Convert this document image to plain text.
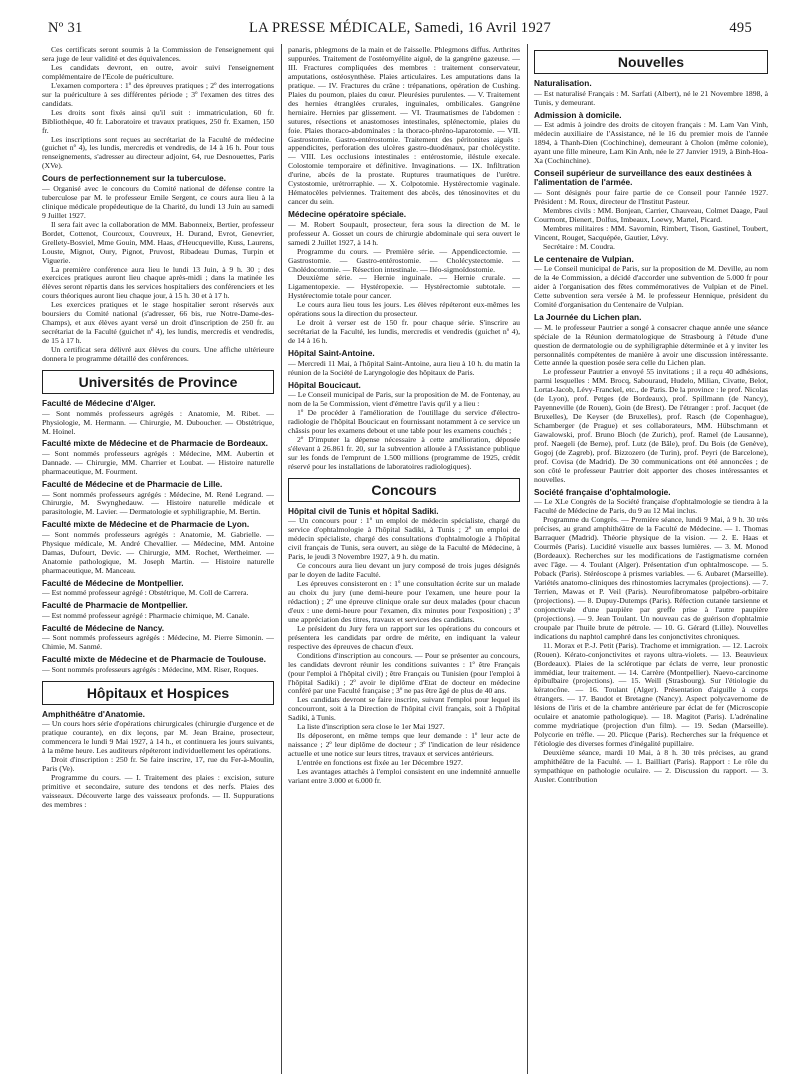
Nº 31	LA PRESSE MÉDICALE, Samedi, 16 Avril 1927	495

Ces certificats seront soumis à la Commission de l'enseignement qui sera juge de leur validité et des équivalences.

Les candidats devront, en outre, avoir suivi l'enseignement complémentaire de l'Ecole de puériculture.

L'examen comportera : 1º des épreuves pratiques ; 2º des interrogations sur la puériculture à ses différentes période ; 3º l'examen des titres des candidats.

Les droits sont fixés ainsi qu'il suit : immatriculation, 60 fr. Bibliothèque, 40 fr. Laboratoire et travaux pratiques, 250 fr. Examen, 150 fr.

Les inscriptions sont reçues au secrétariat de la Faculté de médecine (guichet nº 4), les lundis, mercredis et vendredis, de 14 à 16 h. Pour tous renseignements, s'adresser au directeur adjoint, 64, rue Desnouettes, Paris (XVe).

Cours de perfectionnement sur la tuberculose.

— Organisé avec le concours du Comité national de défense contre la tuberculose par M. le professeur Emile Sergent, ce cours aura lieu à la clinique médicale propédeutique de la Charité, du lundi 13 Juin au samedi 9 Juillet 1927.

Il sera fait avec la collaboration de MM. Babonneix, Bertier, professeur Bordet, Cottenot, Courcoux, Couvreux, H. Durand, Evrot, Genevrier, Grellety-Bosviel, Mme Gouin, MM. Haas, d'Heucqueville, Kuss, Laurens, Louste, Mignot, Oury, Pignot, Pruvost, Ribadeau Dumas, Turpin et Viguerie.

La première conférence aura lieu le lundi 13 Juin, à 9 h. 30 ; des exercices pratiques auront lieu chaque après-midi ; dans la matinée les élèves seront répartis dans les services hospitaliers des conférenciers et les cours théoriques auront lieu chaque jour, à 15 h. 30 et à 17 h.

Les exercices pratiques et le stage hospitalier seront réservés aux boursiers du Comité national (s'adresser, 66 bis, rue Notre-Dame-des-Champs), et aux élèves ayant versé un droit d'inscription de 250 fr. au secrétariat de la Faculté (guichet nº 4), les lundis, mercredis et vendredis, de 15 à 17 h.

Un certificat sera délivré aux élèves du cours. Une affiche ultérieure donnera le programme détaillé des conférences.

Universités de Province
Faculté de Médecine d'Alger.

— Sont nommés professeurs agrégés : Anatomie, M. Ribet. — Physiologie, M. Hermann. — Chirurgie, M. Duboucher. — Obstétrique, M. Hoinel.

Faculté mixte de Médecine et de Pharmacie de Bordeaux.

— Sont nommés professeurs agrégés : Médecine, MM. Aubertin et Dannade. — Chirurgie, MM. Charrier et Loubat. — Histoire naturelle pharmaceutique, M. Fourment.

Faculté de Médecine et de Pharmacie de Lille.

— Sont nommés professeurs agrégés : Médecine, M. René Legrand. — Chirurgie, M. Swynghedauw. — Histoire naturelle médicale et parasitologie, M. Lavier. — Dermatologie et syphiligraphie, M. Bertin.

Faculté mixte de Médecine et de Pharmacie de Lyon.

— Sont nommés professeurs agrégés : Anatomie, M. Gabrielle. — Physique médicale, M. André Chevallier. — Médecine, MM. Antoine Damas, Dufourt, Devic. — Chirurgie, MM. Rochet, Wertheimer. — Anatomie pathologique, M. Joseph Martin. — Histoire naturelle pharmaceutique, M. Manceau.

Faculté de Médecine de Montpellier.

— Est nommé professeur agrégé : Obstétrique, M. Coll de Carrera.

Faculté de Pharmacie de Montpellier.

— Est nommé professeur agrégé : Pharmacie chimique, M. Canale.

Faculté de Médecine de Nancy.

— Sont nommés professeurs agrégés : Médecine, M. Pierre Simonin. — Chimie, M. Sanmé.

Faculté mixte de Médecine et de Pharmacie de Toulouse.

— Sont nommés professeurs agrégés : Médecine, MM. Riser, Roques.

Hôpitaux et Hospices
Amphithéâtre d'Anatomie.

— Un cours hors série d'opérations chirurgicales (chirurgie d'urgence et de pratique courante), en dix leçons, par M. Jean Braine, prosecteur, commencera le lundi 9 Mai 1927, à 14 h., et continuera les jours suivants, à la même heure. Les auditeurs répéteront individuellement les opérations.

Droit d'inscription : 250 fr. Se faire inscrire, 17, rue du Fer-à-Moulin, Paris (Ve).

Programme du cours. — I. Traitement des plaies : excision, suture primitive et secondaire, suture des tendons et des nerfs. Plaies des vaisseaux. Découverte large des vaisseaux profonds. — II. Suppurations des membres :

panaris, phlegmons de la main et de l'aisselle. Phlegmons diffus. Arthrites suppurées. Traitement de l'ostéomyélite aiguë, de la gangrène gazeuse. — III. Fractures compliquées des membres : traitement conservateur, amputations, ostéosynthèse. Plaies articulaires. Les amputations dans la pratique. — IV. Fractures du crâne : trépanations, opération de Cushing. Plaies du poumon, plaies du cœur. Pleurésies purulentes. — V. Traitement des hernies étranglées crurales, inguinales, ombilicales. Gangrène herniaire. Hernies par glissement. — VI. Traumatismes de l'abdomen : sutures, résections et anastomoses intestinales, splénectomie, plaies du foie. Plaies thoraco-abdominales : la thoraco-phréno-laparotomie. — VII. Gastrostomie. Gastro-entérostomie. Traitement des péritonites aiguës : appendicites, perforation des ulcères gastro-duodénaux, par cholécystite. — VIII. Les occlusions intestinales : entérostomie, iléstule execale. Colostomie temporaire et définitive. Invaginations. — IX. Infiltration d'urine, abcès de la prostate. Ruptures traumatiques de l'urètre. Cystostomie, urétrorraphie. — X. Colpotomie. Hystérectomie vaginale. Hématocèles pelviennes. Traitement des abcès, des ténosinovites et du cancer du sein.

Médecine opératoire spéciale.

— M. Robert Soupault, prosecteur, fera sous la direction de M. le professeur A. Gosset un cours de chirurgie abdominale qui sera ouvert le samedi 2 Juillet 1927, à 14 h.

Programme du cours. — Première série. — Appendicectomie. — Gastrostomie. — Gastro-entérostomie. — Cholécystectomie. — Cholédocotomie. — Résection intestinale. — Iléo-sigmoïdostomie.

Deuxième série. — Hernie inguinale. — Hernie crurale. — Ligamentopexie. — Hystéropexie. — Hystérectomie subtotale. — Hystérectomie totale pour cancer.

Le cours aura lieu tous les jours. Les élèves répéteront eux-mêmes les opérations sous la direction du prosecteur.

Le droit à verser est de 150 fr. pour chaque série. S'inscrire au secrétariat de la Faculté, les lundis, mercredis et vendredis (guichet nº 4), de 14 à 16 h.

Hôpital Saint-Antoine.

— Mercredi 11 Mai, à l'hôpital Saint-Antoine, aura lieu à 10 h. du matin la réunion de la Société de Laryngologie des hôpitaux de Paris.

Hôpital Boucicaut.

— Le Conseil municipal de Paris, sur la proposition de M. de Fontenay, au nom de la 5e Commission, vient d'émettre l'avis qu'il y a lieu :

1º De procéder à l'amélioration de l'outillage du service d'électro-radiologie de l'hôpital Boucicaut en fournissant notamment à ce service un châssis pour les examens debout et une table pour les examens couchés ;

2º D'imputer la dépense nécessaire à cette amélioration, déposée s'élevant à 26.861 fr. 20, sur la subvention allouée à l'Assistance publique sur les fonds de l'emprunt de 1.500 millions (programme de 1925, crédit réservé pour les installations de laboratoires radiologiques).

Concours
Hôpital civil de Tunis et hôpital Sadiki.

— Un concours pour : 1º un emploi de médecin spécialiste, chargé du service d'ophtalmologie à l'hôpital Sadiki, à Tunis ; 2º un emploi de médecin spécialiste, chargé des consultations d'ophtalmologie à l'hôpital civil français de Tunis, sera ouvert, au siège de la Faculté de Médecine, à Paris, le jeudi 3 Novembre 1927, à 9 h. du matin.

Ce concours aura lieu devant un jury composé de trois juges désignés par le doyen de ladite Faculté.

Les épreuves consisteront en : 1º une consultation écrite sur un malade au choix du jury (une demi-heure pour l'examen, une heure pour la rédaction) ; 2º une épreuve clinique orale sur deux malades (pour chacun d'eux : une demi-heure pour l'examen, dix minutes pour l'exposition) ; 3º une appréciation des titres, travaux et services des candidats.

Le président du Jury fera un rapport sur les opérations du concours et présentera les candidats par ordre de mérite, en indiquant la valeur respective des épreuves de chacun d'eux.

Conditions d'inscription au concours. — Pour se présenter au concours, les candidats devront réunir les conditions suivantes : 1º être Français (pour l'emploi à l'hôpital civil) ; être Français ou Tunisien (pour l'emploi à l'hôpital Sadiki) ; 2º avoir le diplôme d'Etat de docteur en médecine conféré par une Faculté française ; 3º ne pas être âgé de plus de 40 ans.

Les candidats devront se faire inscrire, suivant l'emploi pour lequel ils concourront, soit à la Direction de l'hôpital civil français, soit à l'hôpital Sadiki, à Tunis.

La liste d'inscription sera close le 1er Mai 1927.

Ils déposeront, en même temps que leur demande : 1º leur acte de naissance ; 2º leur diplôme de docteur ; 3º l'indication de leur résidence actuelle et une notice sur leurs titres, travaux et services antérieurs.

L'entrée en fonctions est fixée au 1er Décembre 1927.

Les avantages attachés à l'emploi consistent en une indemnité annuelle variant entre 3.000 et 6.000 fr.

Nouvelles
Naturalisation.

— Est naturalisé Français : M. Sarfati (Albert), né le 21 Novembre 1898, à Tunis, y demeurant.

Admission à domicile.

— Est admis à joindre des droits de citoyen français : M. Lam Van Vinh, médecin auxiliaire de l'Assistance, né le 16 du premier mois de l'année 1894, à Thanh-Dien (Cochinchine), demeurant à Cholon (même colonie), ayant une fille mineure, Lam Kin Anh, née le 27 Janvier 1919, à Binh-Hoa-Xa (Cochinchine).

Conseil supérieur de surveillance des eaux destinées à l'alimentation de l'armée.

— Sont désignés pour faire partie de ce Conseil pour l'année 1927. Président : M. Roux, directeur de l'Institut Pasteur.

Membres civils : MM. Bonjean, Carrier, Chauveau, Colmet Daage, Paul Courmont, Dienert, Dolfus, Imbeaux, Loewy, Martel, Picard.

Membres militaires : MM. Savornin, Rimbert, Tison, Gastinel, Toubert, Vincent, Rouget, Sacquépée, Gautier, Lévy.

Secrétaire : M. Coudra.

Le centenaire de Vulpian.

— Le Conseil municipal de Paris, sur la proposition de M. Deville, au nom de la 4e Commission, a décidé d'accorder une subvention de 5.000 fr pour aider à l'organisation des fêtes commémoratives de Vulpian et de Pinel. Cette subvention sera versée à M. le professeur Hennique, président du Comité d'organisation du Centenaire de Vulpian.

La Journée du Lichen plan.

— M. le professeur Pautrier a songé à consacrer chaque année une séance spéciale de la Réunion dermatologique de Strasbourg à l'étude d'une question de dermatologie ou de syphiligraphie déterminée et à y inviter les personnalités compétentes de manière à avoir une discussion intéressante. Cette année la question posée sera celle du Lichen plan.

Le professeur Pautrier a envoyé 55 invitations ; il a reçu 40 adhésions, parmi lesquelles : MM. Brocq, Sabouraud, Hudelo, Milian, Civatte, Belot, Lortat-Jacob, Lévy-Franckel, etc., de Paris. De la province : le prof. Nicolas (de Lyon), prof. Petges (de Bordeaux), prof. Spillmann (de Nancy), Payenneville (de Rouen), Goin (de Brest). De l'étranger : prof. Jacquet (de Bruxelles), De Keyser (de Bruxelles), prof. Rasch (de Copenhague), Schamberger (de Prague) et ses collaborateurs, MM. Hübschmann et Gawalowski, prof. Bruno Bloch (de Zurich), prof. Ramel (de Lausanne), prof. Naegeli (de Berne), prof. Lutz (de Bâle), prof. Du Bois (de Genève), Gogoj (de Zagreb), prof. Bizzozero (de Turin), prof. Peyri (de Barcelone), prof. Covisa (de Madrid). De 30 communications ont été annoncées ; de son côté le professeur Pautrier doit apporter des choses intéressantes et nouvelles.

Société française d'ophtalmologie.

— Le XLe Congrès de la Société française d'ophtalmologie se tiendra à la Faculté de Médecine de Paris, du 9 au 12 Mai inclus.

Programme du Congrès. — Première séance, lundi 9 Mai, à 9 h. 30 très précises, au grand amphithéâtre de la Faculté de Médecine. — 1. Thomas Barraquer (Madrid). Théorie physique de la vision. — 2. E. Haas et Courmès (Paris). Lucidité visuelle aux basses lumières. — 3. M. Monod (Bordeaux). Recherches sur les modifications de l'astigmatisme cornéen avec l'âge. — 4. Toulant (Alger). Présentation d'un ophtalmoscope. — 5. Poback (Paris). Stéréoscope à prismes variables. — 6. Aubaret (Marseille). Variétés anatomo-cliniques des rhinostomies lacrymales (projections). — 7. Terrien, Mawas et P. Veil (Paris). Neurofibromatose palpébro-orbitaire (projections). — 8. Dupuy-Dutemps (Paris). Réfection cutanée tarsienne et conjonctivale d'une paupière par greffe prise à l'autre paupière (projections). — 9. Jean Toulant. Un nouveau cas de guérison d'ophtalmie croupale par l'huile brute de pétrole. — 10. G. Gérard (Lille). Nouvelles indications du naphtol camphré dans les conjonctivites chroniques.

11. Morax et P.-J. Petit (Paris). Trachome et immigration. — 12. Lacroix (Rouen). Kérato-conjonctivites et rayons ultra-violets. — 13. Beauvieux (Bordeaux). Plaies de la sclérotique par éclats de verre, leur pronostic immédiat, leur traitement. — 14. Carrère (Montpellier). Naevo-carcinome épibulbaire (projections). — 15. Weill (Strasbourg). Sur l'étiologie du kératocône. — 16. Toulant (Alger). Présentation d'aiguille à corps étrangers. — 17. Baudot et Bretagne (Nancy). Aspect polycavernome de lésions de l'iris et de la chambre antérieure par éclat de fer (Microscopie oculaire et anatomie pathologique). — 18. Magitot (Paris). L'adrénaline comme mydriatique (projection d'un film). — 19. Sedan (Marseille). Polycorie en trèfle. — 20. Plicque (Paris). Recherches sur la fréquence et l'étiologie des diverses formes d'inégalité pupillaire.

Deuxième séance, mardi 10 Mai, à 8 h. 30 très précises, au grand amphithéâtre de la Faculté. — 1. Bailliart (Paris). Rapport : Le rôle du sympathique en pathologie oculaire. — 2. Discussion du rapport. — 3. Ausler. Contribution
